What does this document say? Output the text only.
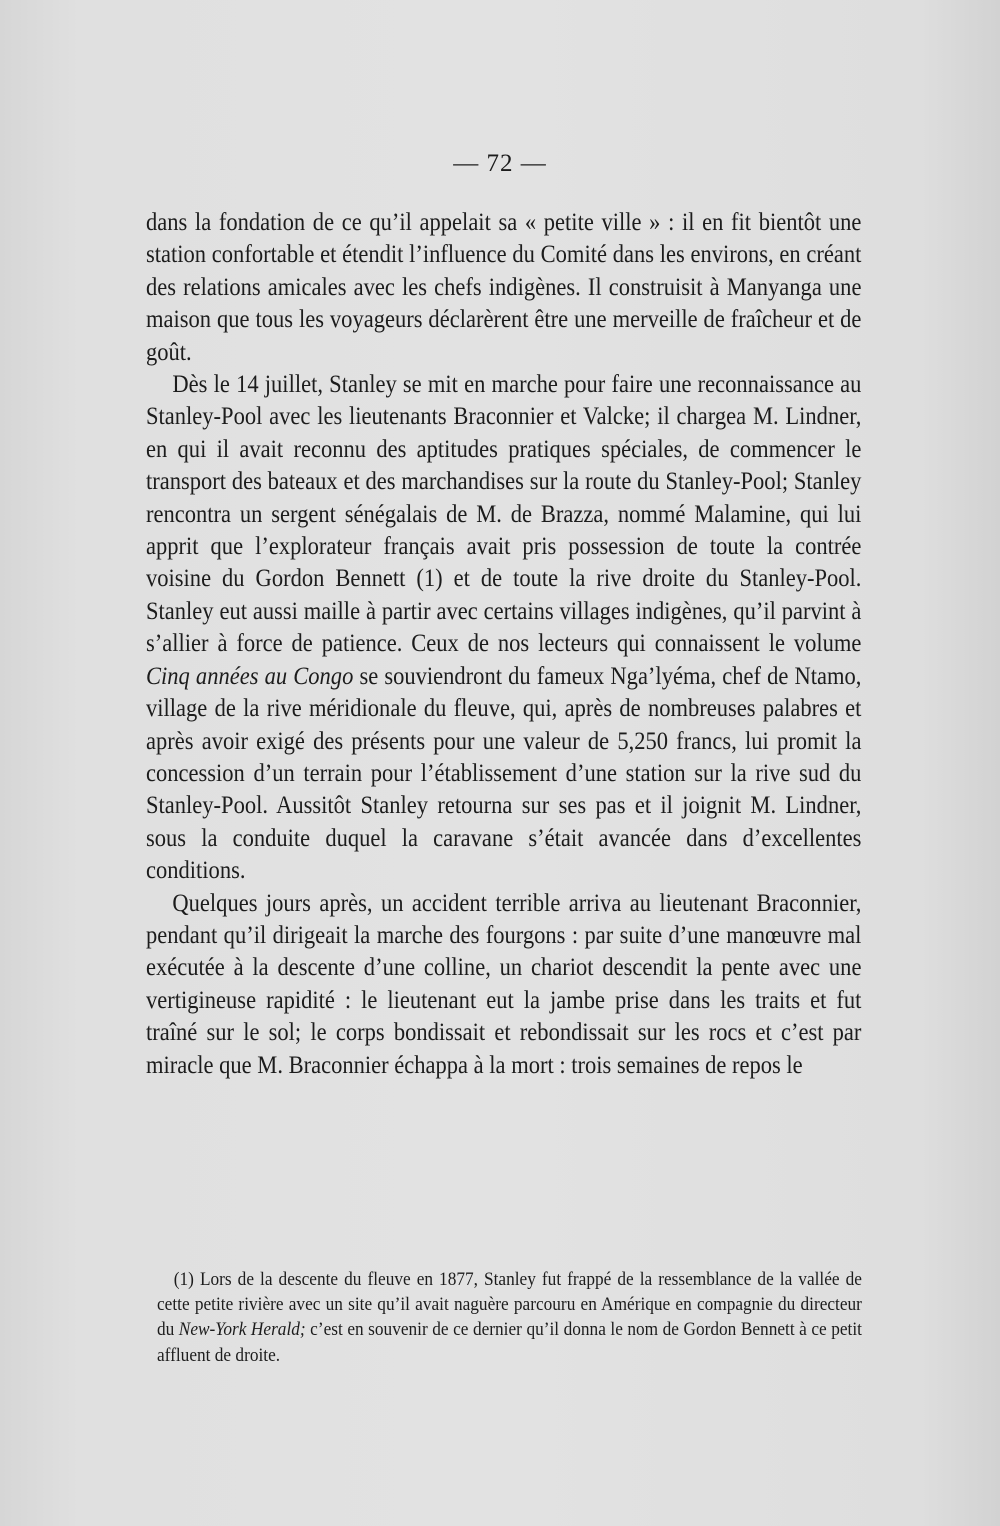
— 72 —

dans la fondation de ce qu’il appelait sa « petite ville » : il en fit bientôt une station confortable et étendit l’influence du Comité dans les environs, en créant des relations amicales avec les chefs indigènes. Il construisit à Manyanga une maison que tous les voyageurs déclarèrent être une merveille de fraîcheur et de goût.

Dès le 14 juillet, Stanley se mit en marche pour faire une reconnaissance au Stanley-Pool avec les lieutenants Braconnier et Valcke; il chargea M. Lindner, en qui il avait reconnu des aptitudes pratiques spéciales, de commencer le transport des bateaux et des marchandises sur la route du Stanley-Pool; Stanley rencontra un sergent sénégalais de M. de Brazza, nommé Malamine, qui lui apprit que l’explorateur français avait pris possession de toute la contrée voisine du Gordon Bennett (1) et de toute la rive droite du Stanley-Pool. Stanley eut aussi maille à partir avec certains villages indigènes, qu’il parvint à s’allier à force de patience. Ceux de nos lecteurs qui connaissent le volume Cinq années au Congo se souviendront du fameux Nga’lyéma, chef de Ntamo, village de la rive méridionale du fleuve, qui, après de nombreuses palabres et après avoir exigé des présents pour une valeur de 5,250 francs, lui promit la concession d’un terrain pour l’établissement d’une station sur la rive sud du Stanley-Pool. Aussitôt Stanley retourna sur ses pas et il joignit M. Lindner, sous la conduite duquel la caravane s’était avancée dans d’excellentes conditions.

Quelques jours après, un accident terrible arriva au lieutenant Braconnier, pendant qu’il dirigeait la marche des fourgons : par suite d’une manœuvre mal exécutée à la descente d’une colline, un chariot descendit la pente avec une vertigineuse rapidité : le lieutenant eut la jambe prise dans les traits et fut traîné sur le sol; le corps bondissait et rebondissait sur les rocs et c’est par miracle que M. Braconnier échappa à la mort : trois semaines de repos le

(1) Lors de la descente du fleuve en 1877, Stanley fut frappé de la ressemblance de la vallée de cette petite rivière avec un site qu’il avait naguère parcouru en Amérique en compagnie du directeur du New-York Herald; c’est en souvenir de ce dernier qu’il donna le nom de Gordon Bennett à ce petit affluent de droite.
